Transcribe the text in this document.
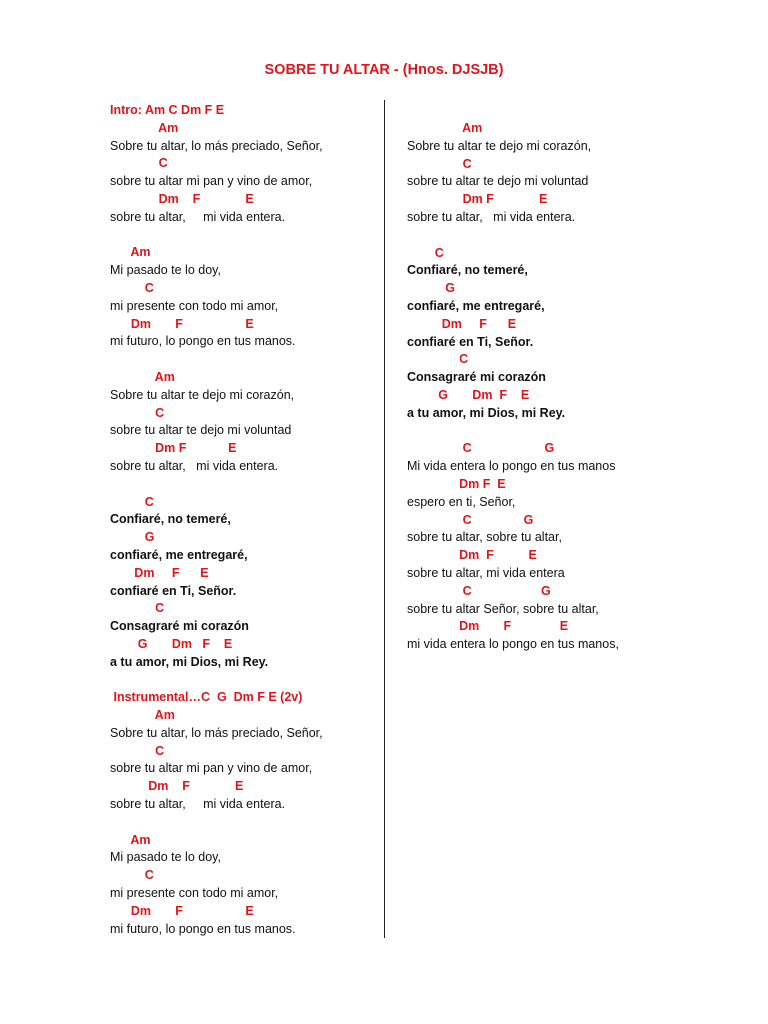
SOBRE TU ALTAR - (Hnos. DJSJB)
Intro: Am C Dm F E
Am
Sobre tu altar, lo más preciado, Señor,
C
sobre tu altar mi pan y vino de amor,
Dm    F             E
sobre tu altar,     mi vida entera.
Am
Mi pasado te lo doy,
C
mi presente con todo mi amor,
Dm       F                  E
mi futuro, lo pongo en tus manos.
Am
Sobre tu altar te dejo mi corazón,
C
sobre tu altar te dejo mi voluntad
Dm F            E
sobre tu altar,   mi vida entera.
C
Confiaré, no temeré,
G
confiaré, me entregaré,
Dm     F      E
confiaré en Ti, Señor.
C
Consagraré mi corazón
G       Dm   F    E
a tu amor, mi Dios, mi Rey.
Instrumental…C  G  Dm F E (2v)
Am
Sobre tu altar, lo más preciado, Señor,
C
sobre tu altar mi pan y vino de amor,
Dm    F             E
sobre tu altar,     mi vida entera.
Am
Mi pasado te lo doy,
C
mi presente con todo mi amor,
Dm       F                  E
mi futuro, lo pongo en tus manos.
Am
Sobre tu altar te dejo mi corazón,
C
sobre tu altar te dejo mi voluntad
Dm F             E
sobre tu altar,   mi vida entera.
C
Confiaré, no temeré,
G
confiaré, me entregaré,
Dm     F      E
confiaré en Ti, Señor.
C
Consagraré mi corazón
G       Dm  F    E
a tu amor, mi Dios, mi Rey.
C                     G
Mi vida entera lo pongo en tus manos
Dm F  E
espero en ti, Señor,
C               G
sobre tu altar, sobre tu altar,
Dm  F          E
sobre tu altar, mi vida entera
C                    G
sobre tu altar Señor, sobre tu altar,
Dm       F              E
mi vida entera lo pongo en tus manos,
